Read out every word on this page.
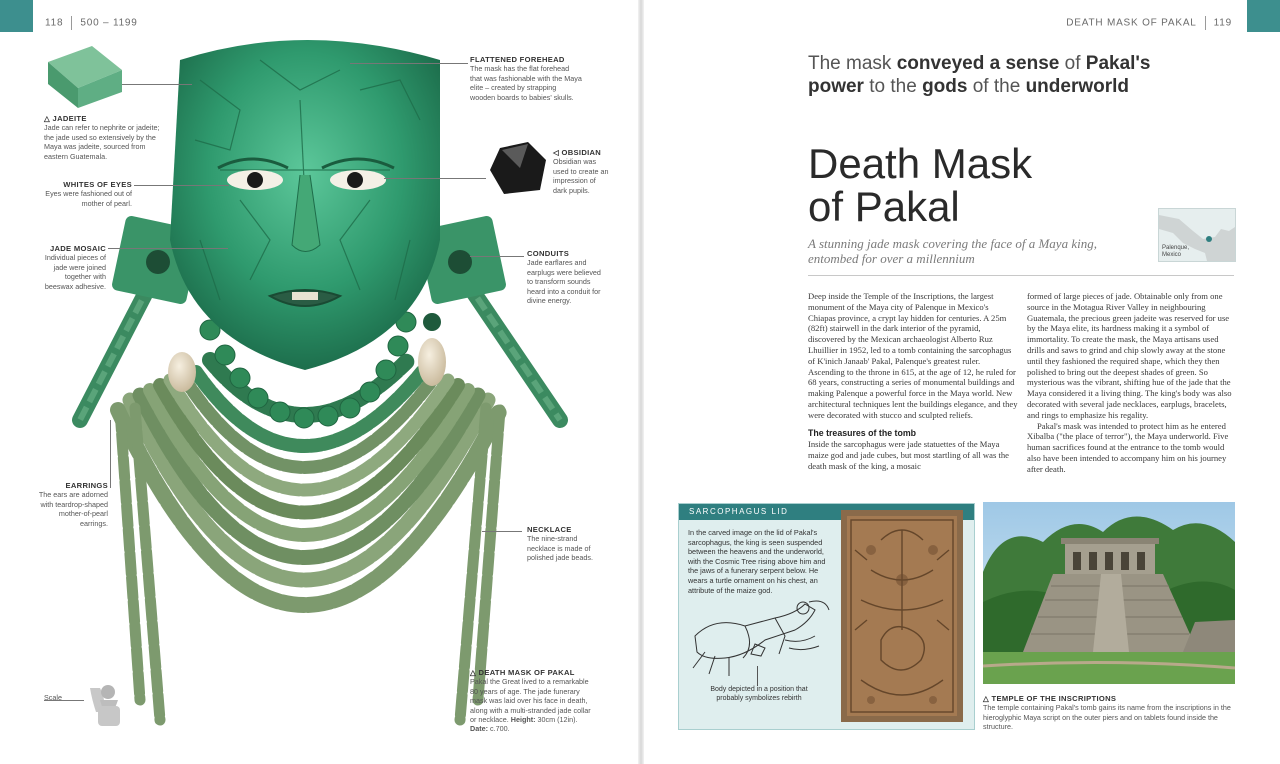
118 500 – 1199	DEATH MASK OF PAKAL 119
△ JADEITE
Jade can refer to nephrite or jadeite; the jade used so extensively by the Maya was jadeite, sourced from eastern Guatemala.
FLATTENED FOREHEAD
The mask has the flat forehead that was fashionable with the Maya elite – created by strapping wooden boards to babies' skulls.
WHITES OF EYES
Eyes were fashioned out of mother of pearl.
◁ OBSIDIAN
Obsidian was used to create an impression of dark pupils.
JADE MOSAIC
Individual pieces of jade were joined together with beeswax adhesive.
CONDUITS
Jade earflares and earplugs were believed to transform sounds heard into a conduit for divine energy.
EARRINGS
The ears are adorned with teardrop-shaped mother-of-pearl earrings.
NECKLACE
The nine-strand necklace is made of polished jade beads.
△ DEATH MASK OF PAKAL
Pakal the Great lived to a remarkable 80 years of age. The jade funerary mask was laid over his face in death, along with a multi-stranded jade collar or necklace. Height: 30cm (12in). Date: c.700.
Scale
The mask conveyed a sense of Pakal's
power to the gods of the underworld
Death Mask
of Pakal
A stunning jade mask covering the face of a Maya king, entombed for over a millennium
Palenque, Mexico

Deep inside the Temple of the Inscriptions, the largest monument of the Maya city of Palenque in Mexico's Chiapas province, a crypt lay hidden for centuries. A 25m (82ft) stairwell in the dark interior of the pyramid, discovered by the Mexican archaeologist Alberto Ruz Lhuillier in 1952, led to a tomb containing the sarcophagus of K'inich Janaab' Pakal, Palenque's greatest ruler. Ascending to the throne in 615, at the age of 12, he ruled for 68 years, constructing a series of monumental buildings and making Palenque a powerful force in the Maya world. New architectural techniques lent the buildings elegance, and they were decorated with stucco and sculpted reliefs.

The treasures of the tomb

Inside the sarcophagus were jade statuettes of the Maya maize god and jade cubes, but most startling of all was the death mask of the king, a mosaic

formed of large pieces of jade. Obtainable only from one source in the Motagua River Valley in neighbouring Guatemala, the precious green jadeite was reserved for use by the Maya elite, its hardness making it a symbol of immortality. To create the mask, the Maya artisans used drills and saws to grind and chip slowly away at the stone until they fashioned the required shape, which they then polished to bring out the deepest shades of green. So mysterious was the vibrant, shifting hue of the jade that the Maya considered it a living thing. The king's body was also decorated with several jade necklaces, earplugs, bracelets, and rings to emphasize his regality.

Pakal's mask was intended to protect him as he entered Xibalba ("the place of terror"), the Maya underworld. Five human sacrifices found at the entrance to the tomb would also have been intended to accompany him on his journey after death.

SARCOPHAGUS LID
In the carved image on the lid of Pakal's sarcophagus, the king is seen suspended between the heavens and the underworld, with the Cosmic Tree rising above him and the jaws of a funerary serpent below. He wears a turtle ornament on his chest, an attribute of the maize god.
Body depicted in a position that probably symbolizes rebirth	△ TEMPLE OF THE INSCRIPTIONS
The temple containing Pakal's tomb gains its name from the inscriptions in the hieroglyphic Maya script on the outer piers and on tablets found inside the structure.
